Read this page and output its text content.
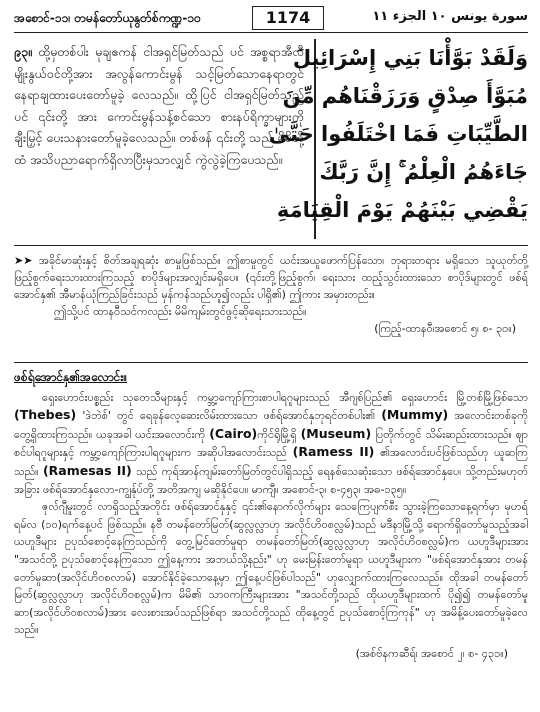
အစောင်-၁၁၊ တမန်တော်ယုနွတ်စ်ကဏ္ဍ-၁၀	1174	سورة يونس ١٠ الجزء ١١
၉၃။ ထို့မှတစ်ပါး မုချဧကန် ငါအရှင်မြတ်သည် ပင် အစ္စရာအီလီမျိုးနွယ်ဝင်တို့အား အလွန်ကောင်းမွန် သင့်မြတ်သောနေရာတွင် နေရာချထားပေးတော်မူခဲ့ လေသည်။ ထို့ပြင် ငါအရှင်မြတ်သည်ပင် ၎င်းတို့ အား ကောင်းမွန်သန့်စင်သော စားနပ်ရိက္ခာများကို ချီးမြှင့် ပေးသနားတော်မူခဲ့လေသည်။ တစ်ဖန် ၎င်းတို့ သည် မိမိတို့ထံ အသိပညာရောက်ရှိလာပြီးမှသာလျှင် ကွဲလွဲခဲ့ကြပေသည်။
وَلَقَدْ بَوَّأْنَا بَنِي إِسْرَائِيلَ
مُبَوَّأَ صِدْقٍ وَرَزَقْنَاهُم مِّنَ
الطَّيِّبَاتِ فَمَا اخْتَلَفُوا حَتَّىٰ
جَاءَهُمُ الْعِلْمُ ۚ إِنَّ رَبَّكَ
يَقْضِي بَيْنَهُمْ يَوْمَ الْقِيَامَةِ

➤➤ အခိုင်မာဆုံးနှင့် စိတ်အချရဆုံး စာမှုဖြစ်သည်။ ဤစာမှုတွင် ယင်းအယူဖောက်ပြန်သော၊ ဘုရားတရား မရှိသော သူယုတ်တို့ ဖြည့်စွက်ရေးသားထားကြသည့် စာပိုဒ်များအလျှင်းမရှိပေ။ (၎င်းတို့ဖြည့်စွက်၊ ရေးသား ထည့်သွင်းထားသော စာပိုဒ်များတွင် ဖစ်ရ်အောင်နှ၏ အီမာန်ယုံကြည်ခြင်းသည် မှန်ကန်သည်ဟူ၍လည်း ပါရှိ၏) ဤကား အမှားတည်း။

ဤသို့ပင် ထာနဝီသင်ကလည်း မိမိကျမ်းတွင်ဖွင့်ဆိုရေးသားသည်။

(ကြည့်-ထာနဝီ၊အစောင် ၅၊ စ- ၃၀။)

ဖစ်ရ်အောင်နှ၏အလောင်း။

ရှေးဟောင်းပစ္စည်း သုတေသီများနှင့် ကမ္ဘာ့ကျော်ကြားစာပါရဂူများသည် အီဂျစ်ပြည်၏ ရှေးဟောင်း မြို့တစ်မြို့ဖြစ်သော (Thebes) 'ဒဲဘဲစ်' တွင် ရေခုန်လေ့ဆေးလိမ်းထားသော ဖစ်ရ်အောင်နှဘုရင်တစ်ပါး၏ (Mummy) အလောင်းတစ်ခုကို တွေ့ရှိထားကြသည်။ ယခုအခါ ယင်းအလောင်းကို (Cairo)ကိုင်ရိုမြို့ရှိ (Museum) ပြတိုက်တွင် သိမ်းဆည်းထားသည်။ ဈာစင်ပါရဂူများနှင့် ကမ္ဘာ့ကျော်ကြားပါရဂူများက အဆိုပါအလောင်းသည် (Ramess II) ၏အလောင်းပင်ဖြစ်သည်ဟု ယူဆကြသည်။ (Ramesas II) သည် ကုရ်အာန်ကျမ်းတော်မြတ်တွင်ပါရှိသည့် ရေနစ်သေဆုံးသော ဖစ်ရ်အောင်နှပေ၊ သို့တည်းမဟုတ် အခြား ဖစ်ရ်အောင်နှလော-ကျွန်ုပ်တို့ အတိအကျ မဆိုနိုင်ပေ။ မာကျီ။ အစောင်-၃၊ စ-၄၅၃၊ အဓ-၁၃၅။

ဇုလ်ဂျီမှုးတွင် လာရှိသည့်အတိုင်း ဖစ်ရ်အောင်နှနှင့် ၎င်း၏နောက်လိုက်များ သေကြေပျက်စီး သွားခဲ့ကြသောနေ့ရက်မှာ မုဟရ်ရမ်လ (၁၀)ရက်နေ့ပင် ဖြစ်သည်။ နဗီ တမန်တော်မြတ်(ဆွလ္လလ္လာဟု အလိုင်ဟိဝစလ္လမ်)သည် မဒီနာမြို့သို့ ရောက်ရှိတော်မူသည့်အခါ ယဟူဒီများ ဥပုသ်စောင့်နေကြသည်ကို တွေ့မြင်တော်မူရာ တမန်တော်မြတ်(ဆွလ္လလ္လာဟု အလိုင်ဟိဝစလ္လမ်)က ယဟူဒီများအား "အသင်တို့ ဥပုသ်စောင့်နေကြသော ဤနေ့ကား အဘယ်သို့နည်း" ဟု မေးမြန်းတော်မူရာ ယဟူဒီများက "ဖစ်ရ်အောင်နှအား တမန်တော်မူဆာ(အလိုင်ဟိဝစလာမ်) အောင်နိုင်ခဲ့သောနေ့မှာ ဤနေ့ပင်ဖြစ်ပါသည်" ဟုလျှောက်ထားကြလေသည်။ ထိုအခါ တမန်တော်မြတ်(ဆွလ္လလ္လာဟု အလိုင်ဟိဝစလ္လမ်)က မိမိ၏ သာဝကကြီးများအား "အသင်တို့သည် ထိုယဟူဒီများထက် ပို၍၍ တမန်တော်မူဆာ(အလိုင်ဟိဝစလာမ်)အား လေးစားအပ်သည်ဖြစ်ရာ အသင်တို့သည် ထိုနေ့တွင် ဥပုသ်စောင့်ကြကုန်" ဟု အမိန့်ပေးတော်မူခဲ့လေသည်။

(အစ်ဗ်နကဆီရ်၊ အစောင် ၂၊ စ- ၄၃၁။)
